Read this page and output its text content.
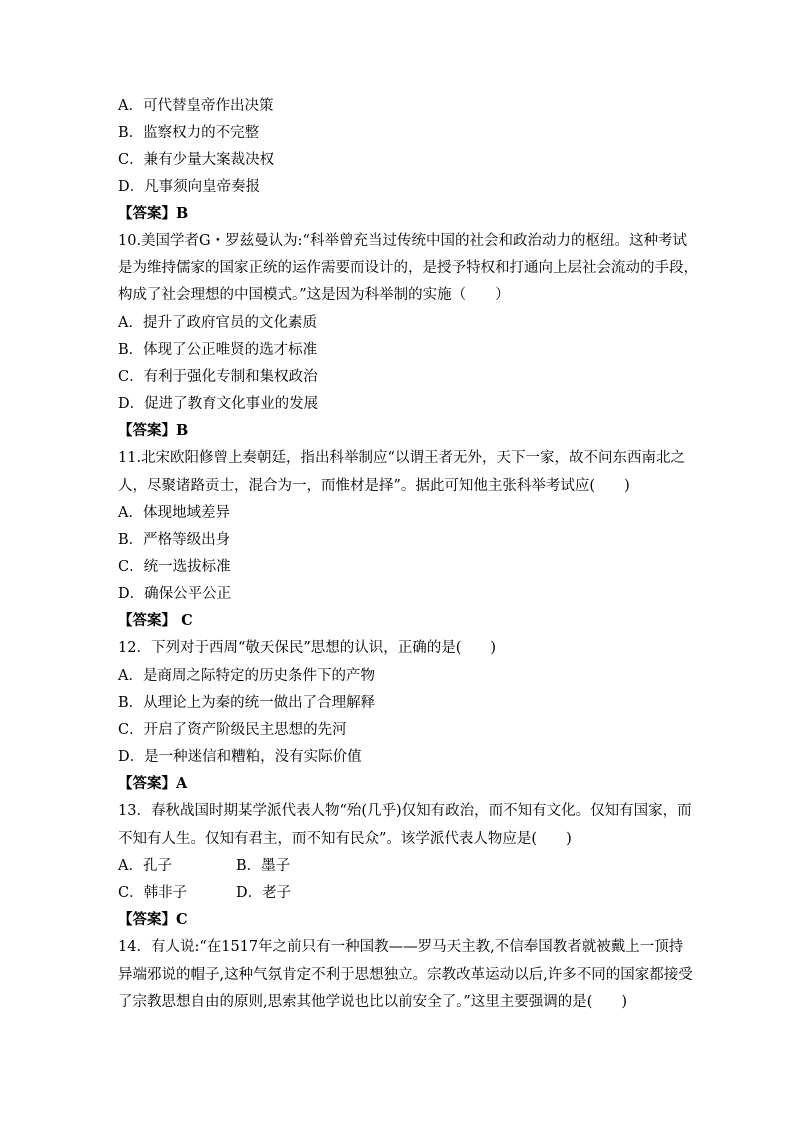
A．可代替皇帝作出决策
B．监察权力的不完整
C．兼有少量大案裁决权
D．凡事须向皇帝奏报
【答案】B
10.美国学者G・罗兹曼认为:“科举曾充当过传统中国的社会和政治动力的枢纽。这种考试
是为维持儒家的国家正统的运作需要而设计的，是授予特权和打通向上层社会流动的手段，
构成了社会理想的中国模式。”这是因为科举制的实施（　　）
A．提升了政府官员的文化素质
B．体现了公正唯贤的选才标准
C．有利于强化专制和集权政治
D．促进了教育文化事业的发展
【答案】B
11.北宋欧阳修曾上奏朝廷，指出科举制应“以谓王者无外，天下一家，故不问东西南北之
人，尽聚诸路贡士，混合为一，而惟材是择”。据此可知他主张科举考试应(　　)
A．体现地域差异
B．严格等级出身
C．统一选拔标准
D．确保公平公正
【答案】 C
12．下列对于西周“敬天保民”思想的认识，正确的是(　　)
A．是商周之际特定的历史条件下的产物
B．从理论上为秦的统一做出了合理解释
C．开启了资产阶级民主思想的先河
D．是一种迷信和糟粕，没有实际价值
【答案】A
13．春秋战国时期某学派代表人物“殆(几乎)仅知有政治，而不知有文化。仅知有国家，而
不知有人生。仅知有君主，而不知有民众”。该学派代表人物应是(　　)
A．孔子	B．墨子
C．韩非子	D．老子
【答案】C
14．有人说:“在1517年之前只有一种国教——罗马天主教,不信奉国教者就被戴上一顶持
异端邪说的帽子,这种气氛肯定不利于思想独立。宗教改革运动以后,许多不同的国家都接受
了宗教思想自由的原则,思索其他学说也比以前安全了。”这里主要强调的是(　　)
